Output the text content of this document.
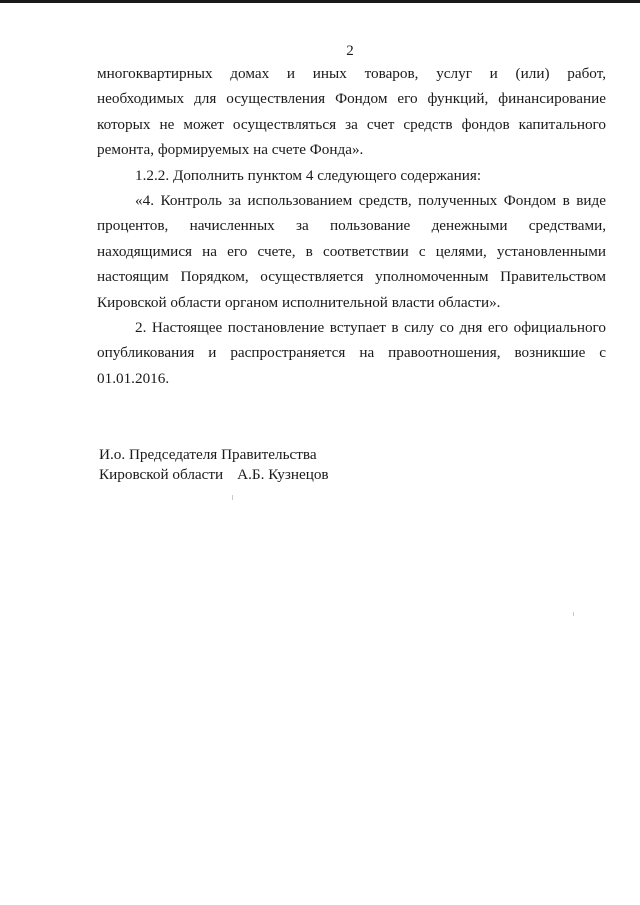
2
многоквартирных домах и иных товаров, услуг и (или) работ,
необходимых для осуществления Фондом его функций, финансирование
которых не может осуществляться за счет средств фондов капитального
ремонта, формируемых на счете Фонда».
1.2.2. Дополнить пунктом 4 следующего содержания:
«4. Контроль за использованием средств, полученных Фондом в виде
процентов, начисленных за пользование денежными средствами,
находящимися на его счете, в соответствии с целями, установленными
настоящим Порядком, осуществляется уполномоченным Правительством
Кировской области органом исполнительной власти области».
2. Настоящее постановление вступает в силу со дня его официального
опубликования и распространяется на правоотношения, возникшие с
01.01.2016.
И.о. Председателя Правительства
Кировской области А.Б. Кузнецов
